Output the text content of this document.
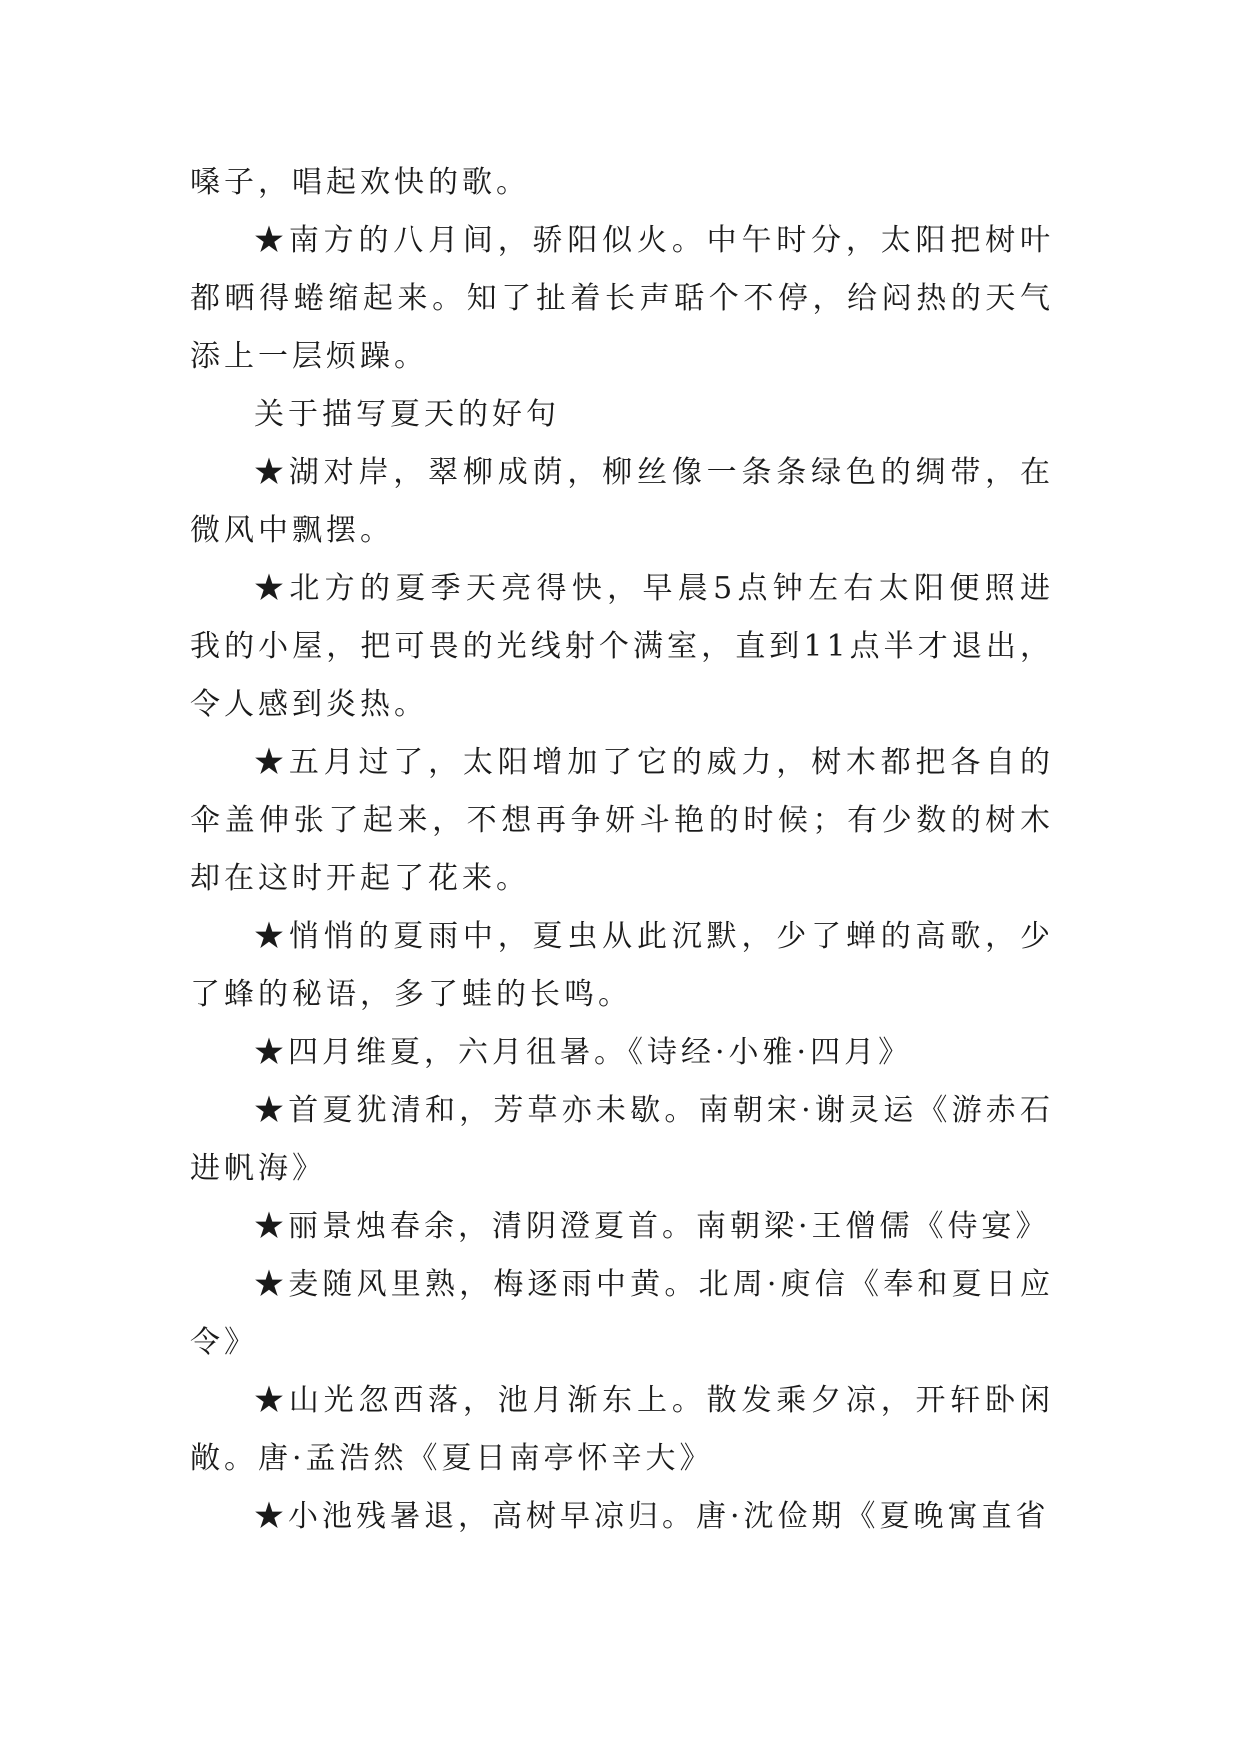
嗓子，唱起欢快的歌。

★南方的八月间，骄阳似火。中午时分，太阳把树叶都晒得蜷缩起来。知了扯着长声聒个不停，给闷热的天气添上一层烦躁。

关于描写夏天的好句

★湖对岸，翠柳成荫，柳丝像一条条绿色的绸带，在微风中飘摆。

★北方的夏季天亮得快，早晨5点钟左右太阳便照进我的小屋，把可畏的光线射个满室，直到11点半才退出，令人感到炎热。

★五月过了，太阳增加了它的威力，树木都把各自的伞盖伸张了起来，不想再争妍斗艳的时候；有少数的树木却在这时开起了花来。

★悄悄的夏雨中，夏虫从此沉默，少了蝉的高歌，少了蜂的秘语，多了蛙的长鸣。

★四月维夏，六月徂暑。《诗经·小雅·四月》

★首夏犹清和，芳草亦未歇。南朝宋·谢灵运《游赤石进帆海》

★丽景烛春余，清阴澄夏首。南朝梁·王僧儒《侍宴》

★麦随风里熟，梅逐雨中黄。北周·庾信《奉和夏日应令》

★山光忽西落，池月渐东上。散发乘夕凉，开轩卧闲敞。唐·孟浩然《夏日南亭怀辛大》

★小池残暑退，高树早凉归。唐·沈俭期《夏晚寓直省
